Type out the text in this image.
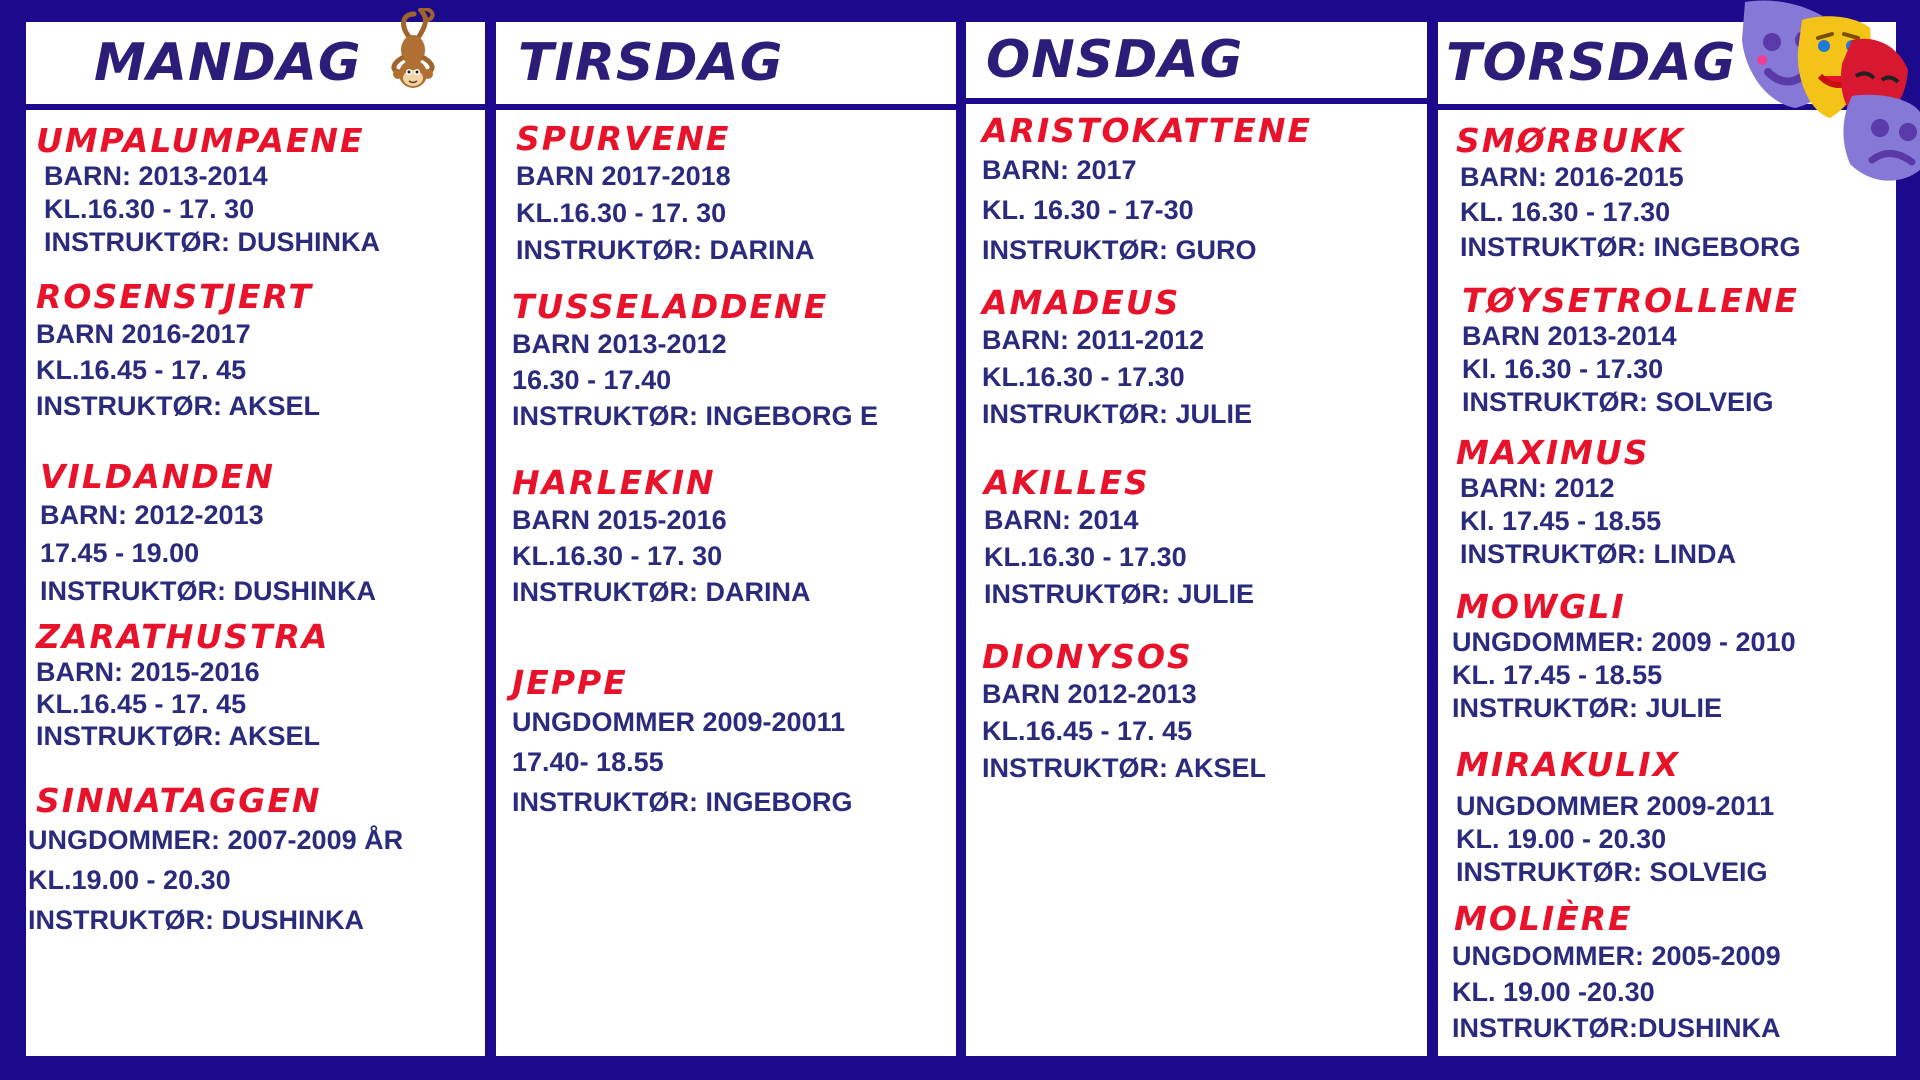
MANDAG
UMPALUMPAENE
BARN: 2013-2014
KL.16.30 - 17. 30
INSTRUKTØR: DUSHINKA
ROSENSTJERT
BARN 2016-2017
KL.16.45 - 17. 45
INSTRUKTØR: AKSEL
VILDANDEN
BARN: 2012-2013
17.45 - 19.00
INSTRUKTØR: DUSHINKA
ZARATHUSTRA
BARN: 2015-2016
KL.16.45 - 17. 45
INSTRUKTØR: AKSEL
SINNATAGGEN
UNGDOMMER: 2007-2009 ÅR
KL.19.00 - 20.30
INSTRUKTØR: DUSHINKA
TIRSDAG
SPURVENE
BARN 2017-2018
KL.16.30 - 17. 30
INSTRUKTØR: DARINA
TUSSELADDENE
BARN 2013-2012
16.30 - 17.40
INSTRUKTØR: INGEBORG E
HARLEKIN
BARN 2015-2016
KL.16.30 - 17. 30
INSTRUKTØR: DARINA
JEPPE
UNGDOMMER 2009-20011
17.40- 18.55
INSTRUKTØR: INGEBORG
ONSDAG
ARISTOKATTENE
BARN: 2017
KL. 16.30 - 17-30
INSTRUKTØR: GURO
AMADEUS
BARN: 2011-2012
KL.16.30 - 17.30
INSTRUKTØR: JULIE
AKILLES
BARN: 2014
KL.16.30 - 17.30
INSTRUKTØR: JULIE
DIONYSOS
BARN 2012-2013
KL.16.45 - 17. 45
INSTRUKTØR: AKSEL
TORSDAG
SMØRBUKK
BARN: 2016-2015
KL. 16.30 - 17.30
INSTRUKTØR: INGEBORG
TØYSETROLLENE
BARN 2013-2014
Kl. 16.30 - 17.30
INSTRUKTØR: SOLVEIG
MAXIMUS
BARN: 2012
Kl. 17.45 - 18.55
INSTRUKTØR: LINDA
MOWGLI
UNGDOMMER: 2009 - 2010
KL. 17.45 - 18.55
INSTRUKTØR: JULIE
MIRAKULIX
UNGDOMMER 2009-2011
KL. 19.00 - 20.30
INSTRUKTØR: SOLVEIG
MOLIÈRE
UNGDOMMER: 2005-2009
KL. 19.00 -20.30
INSTRUKTØR:DUSHINKA
